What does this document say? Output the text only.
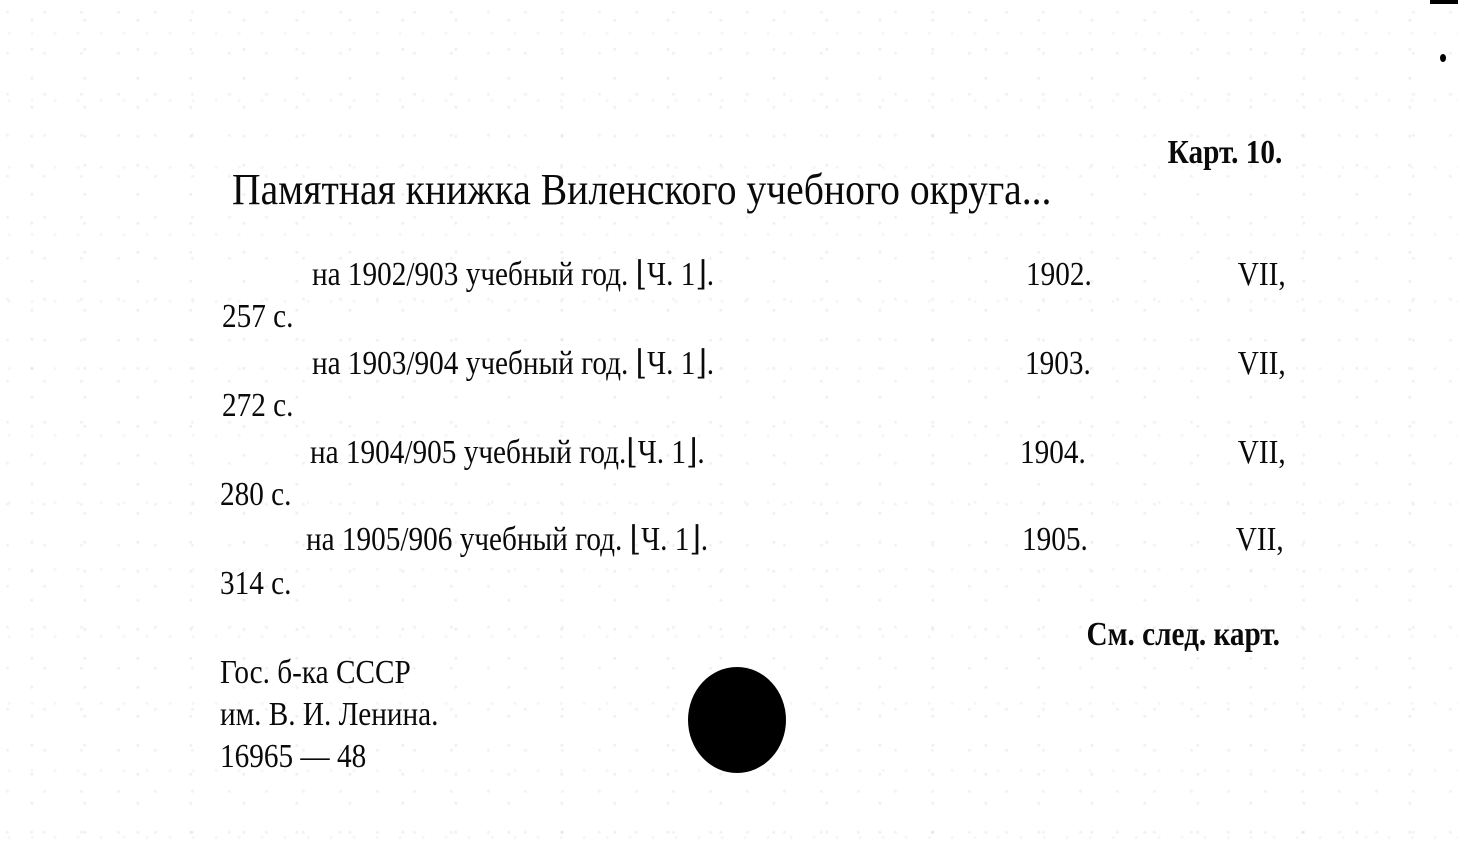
Карт. 10.
Памятная книжка Виленского учебного округа...
на 1902/903 учебный год. ⌊Ч. 1⌋.	1902.	VII,
257 с.
на 1903/904 учебный год. ⌊Ч. 1⌋.	1903.	VII,
272 с.
на 1904/905 учебный год.⌊Ч. 1⌋.	1904.	VII,
280 с.
на 1905/906 учебный год. ⌊Ч. 1⌋.	1905.	VII,
314 с.
См. след. карт.
Гос. б-ка СССР
им. В. И. Ленина.
16965 — 48
